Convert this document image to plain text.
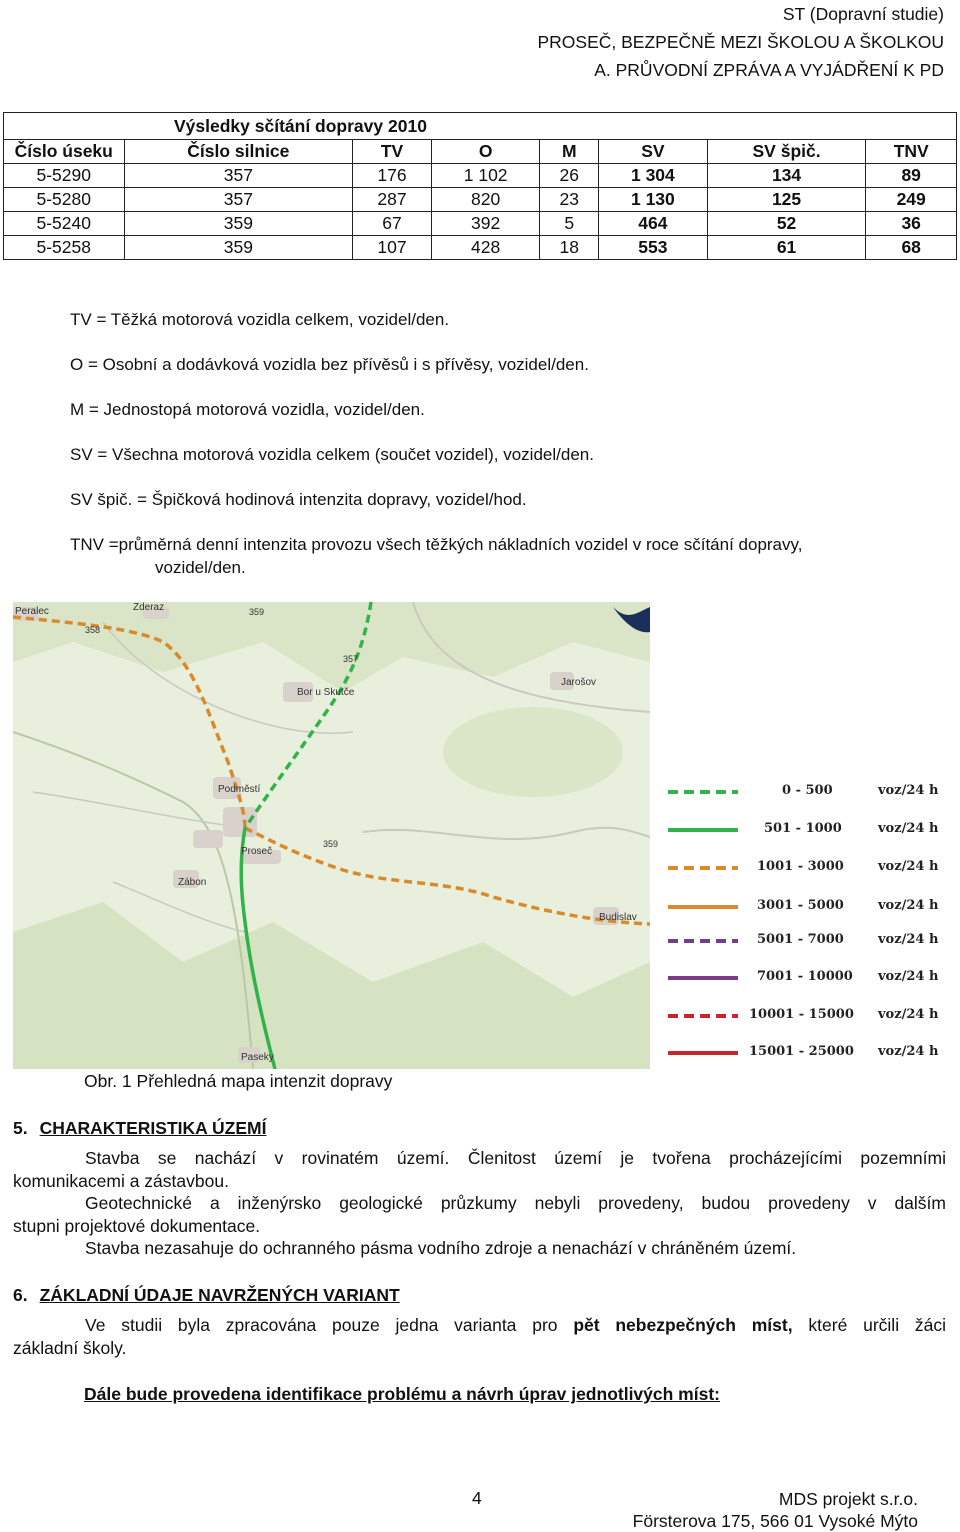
ST (Dopravní studie)
PROSEČ, BEZPEČNĚ MEZI ŠKOLOU A ŠKOLKOU
A. PRŮVODNÍ ZPRÁVA A VYJÁDŘENÍ K PD
	Výsledky sčítání dopravy 2010						
Číslo úseku	Číslo silnice	TV	O	M	SV	SV špič.	TNV
5-5290	357	176	1 102	26	1 304	134	89
5-5280	357	287	820	23	1 130	125	249
5-5240	359	67	392	5	464	52	36
5-5258	359	107	428	18	553	61	68

TV = Těžká motorová vozidla celkem, vozidel/den.

O = Osobní a dodávková vozidla bez přívěsů i s přívěsy, vozidel/den.

M = Jednostopá motorová vozidla, vozidel/den.

SV = Všechna motorová vozidla celkem (součet vozidel), vozidel/den.

SV špič. = Špičková hodinová intenzita dopravy, vozidel/hod.

TNV =průměrná denní intenzita provozu všech těžkých nákladních vozidel v roce sčítání dopravy,

vozidel/den.

Peralec	Zderaz
Bor u Skutče
Jarošov
Podměstí
Proseč
Zábon
Budislav
Paseky
358
359
357
359
0 - 500	voz/24 h
501 - 1000	voz/24 h
1001 - 3000	voz/24 h
3001 - 5000	voz/24 h
5001 - 7000	voz/24 h
7001 - 10000 voz/24 h
10001 - 15000 voz/24 h
15001 - 25000 voz/24 h
Obr. 1 Přehledná mapa intenzit dopravy
5. CHARAKTERISTIKA ÚZEMÍ

Stavba se nachází v rovinatém území. Členitost území je tvořena procházejícími pozemními

komunikacemi a zástavbou.

Geotechnické a inženýrsko geologické průzkumy nebyli provedeny, budou provedeny v dalším

stupni projektové dokumentace.

Stavba nezasahuje do ochranného pásma vodního zdroje a nenachází v chráněném území.

6. ZÁKLADNÍ ÚDAJE NAVRŽENÝCH VARIANT

Ve studii byla zpracována pouze jedna varianta pro pět nebezpečných míst, které určili žáci

základní školy.

Dále bude provedena identifikace problému a návrh úprav jednotlivých míst:
4	MDS projekt s.r.o.
Försterova 175, 566 01 Vysoké Mýto
